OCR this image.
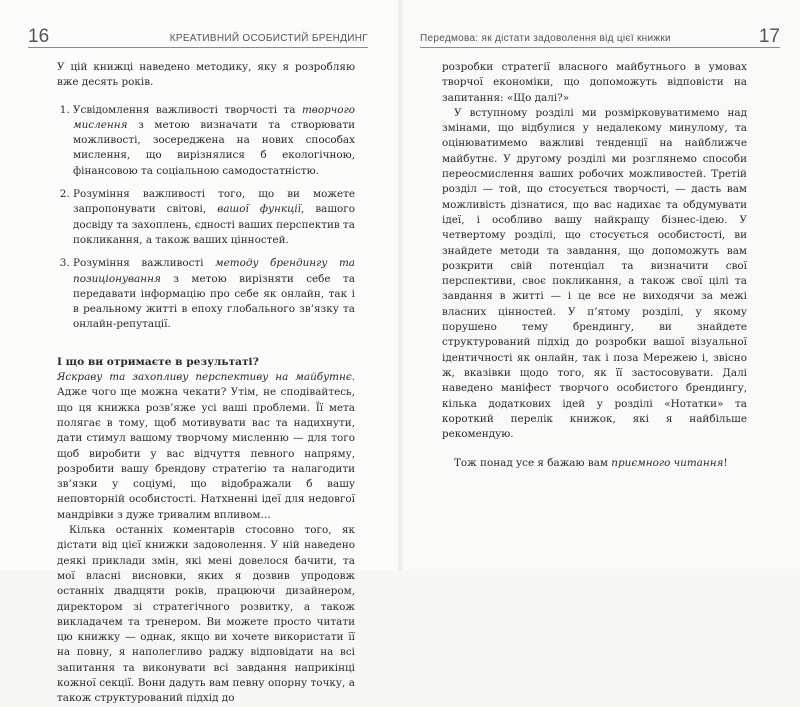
16	КРЕАТИВНИЙ ОСОБИСТИЙ БРЕНДИНГ

У цій книжці наведено методику, яку я розробляю вже десять років.

1. Усвідомлення важливості творчості та творчого мислення з метою визначати та створювати можливості, зосереджена на нових способах мислення, що вирізнялися б екологічною, фінансовою та соціальною самодостатністю.
2. Розуміння важливості того, що ви можете запропонувати світові, вашої функції, вашого досвіду та захоплень, єдності ваших перспектив та покликання, а також ваших цінностей.
3. Розуміння важливості методу брендингу та позиціонування з метою вирізняти себе та передавати інформацію про себе як онлайн, так і в реальному житті в епоху глобального зв’язку та онлайн-репутації.
І що ви отримаєте в результаті?

Яскраву та захопливу перспективу на майбутнє. Адже чого ще можна чекати? Утім, не сподівайтесь, що ця книжка розв’яже усі ваші проблеми. Її мета полягає в тому, щоб мотивувати вас та надихнути, дати стимул вашому творчому мисленню — для того щоб виробити у вас відчуття певного напряму, розробити вашу брендову стратегію та налагодити зв’язки у соціумі, що відображали б вашу неповторній особистості. Натхненні ідеї для недовгої мандрівки з дуже тривалим впливом…

Кілька останніх коментарів стосовно того, як дістати від цієї книжки задоволення. У ній наведено деякі приклади змін, які мені довелося бачити, та мої власні висновки, яких я дозвив упродовж останніх двадцяти років, працюючи дизайнером, директором зі стратегічного розвитку, а також викладачем та тренером. Ви можете просто читати цю книжку — однак, якщо ви хочете використати її на повну, я наполегливо раджу відповідати на всі запитання та виконувати всі завдання наприкінці кожної секції. Вони дадуть вам певну опорну точку, а також структурований підхід до

Передмова: як дістати задоволення від цієї книжки	17

розробки стратегії власного майбутнього в умовах творчої економіки, що допоможуть відповісти на запитання: «Що далі?»

У вступному розділі ми розмірковуватимемо над змінами, що відбулися у недалекому минулому, та оцінюватимемо важливі тенденції на найближче майбутнє. У другому розділі ми розглянемо способи переосмислення ваших робочих можливостей. Третій розділ — той, що стосується творчості, — дасть вам можливість дізнатися, що вас надихає та обдумувати ідеї, і особливо вашу найкращу бізнес-ідею. У четвертому розділі, що стосується особистості, ви знайдете методи та завдання, що допоможуть вам розкрити свій потенціал та визначити свої перспективи, своє покликання, а також свої цілі та завдання в житті — і це все не виходячи за межі власних цінностей. У п’ятому розділі, у якому порушено тему брендингу, ви знайдете структурований підхід до розробки вашої візуальної ідентичності як онлайн, так і поза Мережею і, звісно ж, вказівки щодо того, як її застосовувати. Далі наведено маніфест творчого особистого брендингу, кілька додаткових ідей у розділі «Нотатки» та короткий перелік книжок, які я найбільше рекомендую.

Тож понад усе я бажаю вам приємного читання!
